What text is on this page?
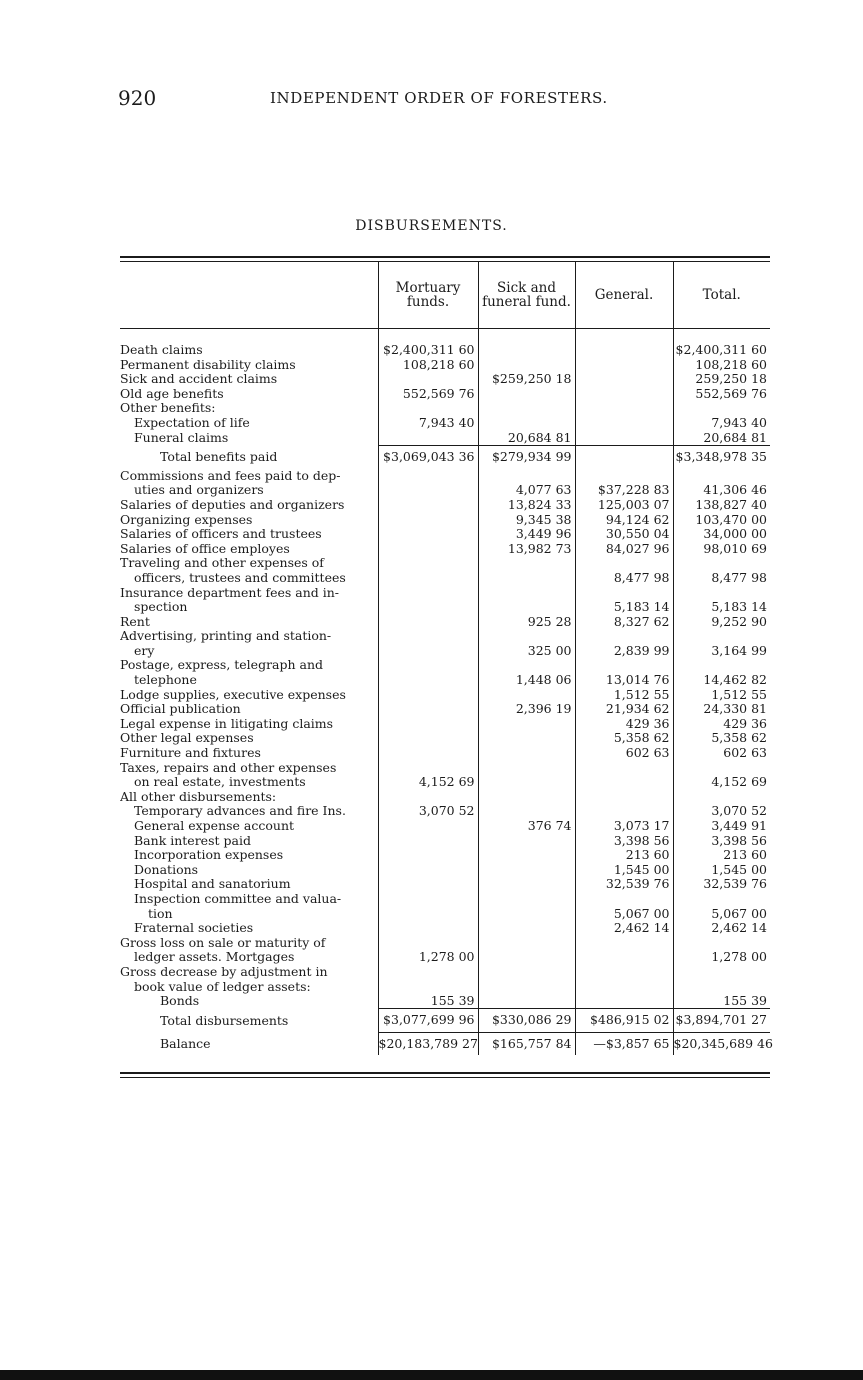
920	INDEPENDENT ORDER OF FORESTERS.
DISBURSEMENTS.
	Mortuary funds.	Sick and funeral fund.	General.	Total.

Death claims	$2,400,311 60			$2,400,311 60
Permanent disability claims	108,218 60			108,218 60
Sick and accident claims		$259,250 18		259,250 18
Old age benefits	552,569 76			552,569 76
Other benefits:				
Expectation of life	7,943 40			7,943 40
Funeral claims		20,684 81		20,684 81
Total benefits paid	$3,069,043 36	$279,934 99		$3,348,978 35

Commissions and fees paid to dep-
uties and organizers		4,077 63	$37,228 83	41,306 46
Salaries of deputies and organizers		13,824 33	125,003 07	138,827 40
Organizing expenses		9,345 38	94,124 62	103,470 00
Salaries of officers and trustees		3,449 96	30,550 04	34,000 00
Salaries of office employes		13,982 73	84,027 96	98,010 69

Traveling and other expenses of
officers, trustees and committees			8,477 98	8,477 98

Insurance department fees and in-
spection			5,183 14	5,183 14
Rent		925 28	8,327 62	9,252 90

Advertising, printing and station-
ery		325 00	2,839 99	3,164 99

Postage, express, telegraph and
telephone		1,448 06	13,014 76	14,462 82
Lodge supplies, executive expenses			1,512 55	1,512 55
Official publication		2,396 19	21,934 62	24,330 81
Legal expense in litigating claims			429 36	429 36
Other legal expenses			5,358 62	5,358 62
Furniture and fixtures			602 63	602 63

Taxes, repairs and other expenses
on real estate, investments	4,152 69			4,152 69
All other disbursements:				
Temporary advances and fire Ins.	3,070 52			3,070 52
General expense account		376 74	3,073 17	3,449 91
Bank interest paid			3,398 56	3,398 56
Incorporation expenses			213 60	213 60
Donations			1,545 00	1,545 00
Hospital and sanatorium			32,539 76	32,539 76

Inspection committee and valua-
tion			5,067 00	5,067 00
Fraternal societies			2,462 14	2,462 14

Gross loss on sale or maturity of
ledger assets. Mortgages	1,278 00			1,278 00

Gross decrease by adjustment in
book value of ledger assets:
Bonds	155 39			155 39
Total disbursements	$3,077,699 96	$330,086 29	$486,915 02	$3,894,701 27
Balance	$20,183,789 27	$165,757 84	—$3,857 65	$20,345,689 46
